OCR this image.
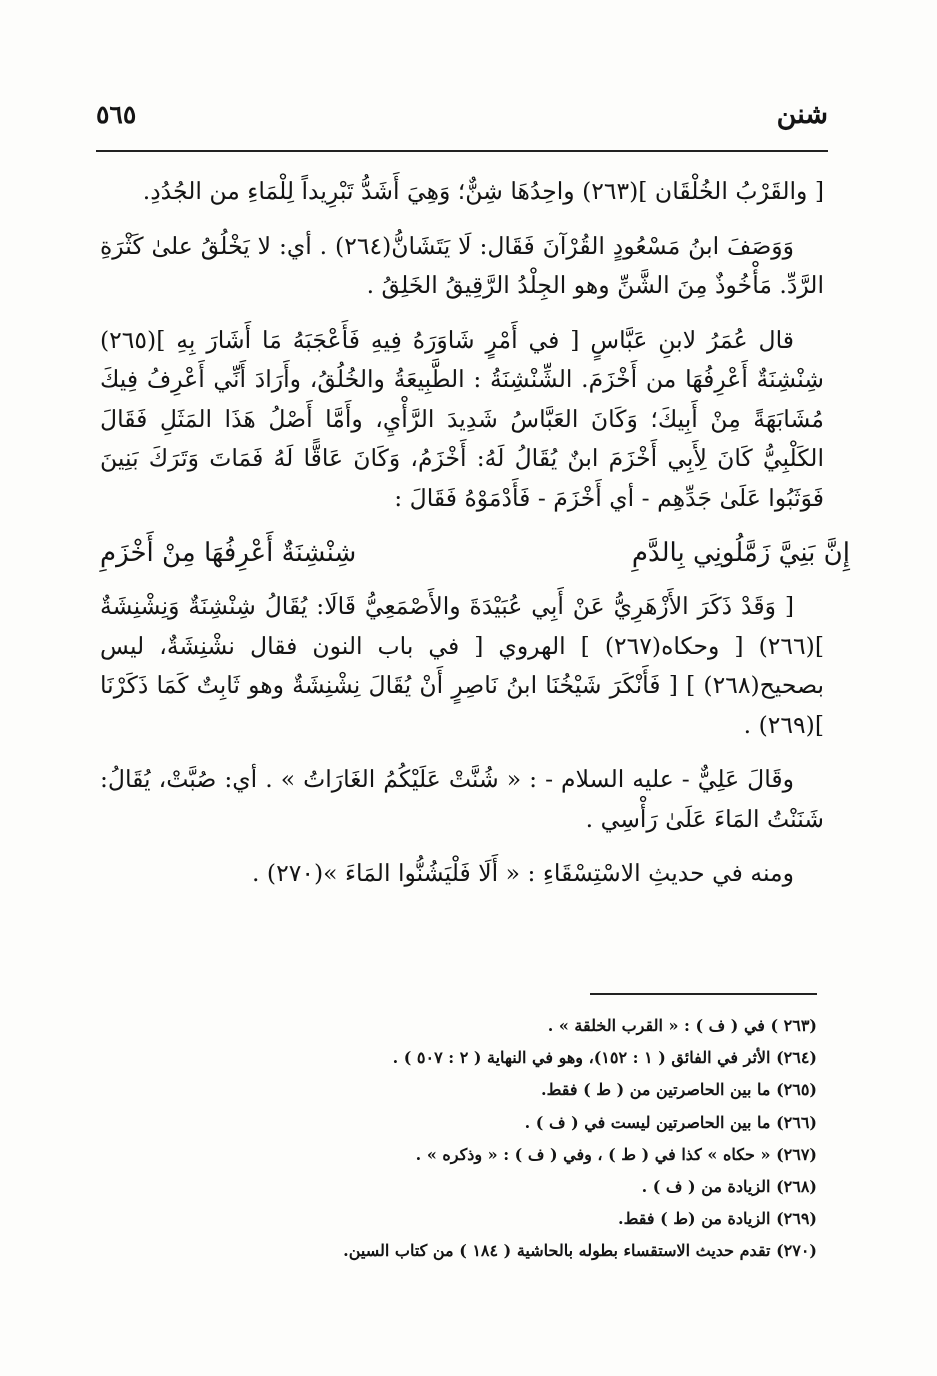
٥٦٥	شنن

[ والقَرْبُ الخُلْقَان ](٢٦٣) واحِدُهَا شِنٌّ؛ وَهِيَ أَشَدُّ تَبْرِيداً لِلْمَاءِ من الجُدُدِ.

وَوَصَفَ ابنُ مَسْعُودٍ القُرْآنَ فَقَال: لَا يَتَشَانُّ(٢٦٤) . أي: لا يَخْلُقُ علىٰ كَثْرَةِ الرَّدِّ. مَأْخُوذٌ مِنَ الشَّنِّ وهو الجِلْدُ الرَّقِيقُ الخَلِقُ .

قال عُمَرُ لابنِ عَبَّاسٍ [ في أَمْرٍ شَاوَرَهُ فِيهِ فَأَعْجَبَهُ مَا أَشَارَ بِهِ ](٢٦٥) شِنْشِنَةٌ أَعْرِفُهَا من أَخْزَمَ. الشِّنْشِنَةُ : الطَّبِيعَةُ والخُلُقُ، وأَرَادَ أَنِّي أَعْرِفُ فِيكَ مُشَابَهَةً مِنْ أَبِيكَ؛ وَكَانَ العَبَّاسُ شَدِيدَ الرَّأْيِ، وأَمَّا أَصْلُ هَذَا المَثَلِ فَقَالَ الكَلْبِيُّ كَانَ لِأَبِي أَخْزَمَ ابنٌ يُقَالُ لَهُ: أَخْزَمُ، وَكَانَ عَاقًّا لَهُ فَمَاتَ وَتَرَكَ بَنِينَ فَوَثَبُوا عَلَىٰ جَدِّهِم - أي أَخْزَمَ - فَأَدْمَوْهُ فَقَالَ :

إِنَّ بَنِيَّ زَمَّلُونِي بِالدَّمِ
شِنْشِنَةٌ أَعْرِفُهَا مِنْ أَخْزَمِ

[ وَقَدْ ذَكَرَ الأَزْهَرِيُّ عَنْ أَبِي عُبَيْدَةَ والأَصْمَعِيُّ قَالَا: يُقَالُ شِنْشِنَةٌ وَنِشْنِشَةٌ ](٢٦٦) [ وحكاه(٢٦٧) ] الهروي [ في باب النون فقال نشْنِشَةٌ، ليس بصحيح(٢٦٨) ] [ فَأَنْكَرَ شَيْخُنَا ابنُ نَاصِرٍ أَنْ يُقَالَ نِشْنِشَةٌ وهو ثَابِتٌ كَمَا ذَكَرْنَا ](٢٦٩) .

وقَالَ عَلِيٌّ - عليه السلام - : « شُنَّتْ عَلَيْكُمُ الغَارَاتُ » . أي: صُبَّتْ، يُقَالُ: شَنَنْتُ المَاءَ عَلَىٰ رَأْسِي .

ومنه في حديثِ الاسْتِسْقَاءِ : « أَلَا فَلْيَشُنُّوا المَاءَ »(٢٧٠) .

(٢٦٣ ) في ( ف ) : « القرب الخلقة » .
(٢٦٤) الأثر في الفائق ( ١ : ١٥٢)، وهو في النهاية ( ٢ : ٥٠٧ ) .
(٢٦٥) ما بين الحاصرتين من ( ط ) فقط.
(٢٦٦) ما بين الحاصرتين ليست في ( ف ) .
(٢٦٧) « حكاه » كذا في ( ط ) ، وفي ( ف ) : « وذكره » .
(٢٦٨) الزيادة من ( ف ) .
(٢٦٩) الزيادة من (ط ) فقط.
(٢٧٠) تقدم حديث الاستقساء بطوله بالحاشية ( ١٨٤ ) من كتاب السين.
